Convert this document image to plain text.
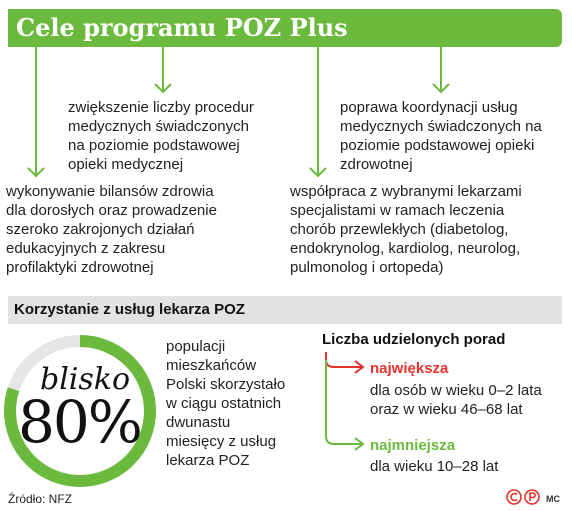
Cele programu POZ Plus
wykonywanie bilansów zdrowia
dla dorosłych oraz prowadzenie
szeroko zakrojonych działań
edukacyjnych z zakresu
profilaktyki zdrowotnej
zwiększenie liczby procedur
medycznych świadczonych
na poziomie podstawowej
opieki medycznej
współpraca z wybranymi lekarzami
specjalistami w ramach leczenia
chorób przewlekłych (diabetolog,
endokrynolog, kardiolog, neurolog,
pulmonolog i ortopeda)
poprawa koordynacji usług
medycznych świadczonych na
poziomie podstawowej opieki
zdrowotnej
Korzystanie z usług lekarza POZ
blisko
80%
populacji
mieszkańców
Polski skorzystało
w ciągu ostatnich
dwunastu
miesięcy z usług
lekarza POZ
Liczba udzielonych porad
największa
dla osób w wieku 0–2 lata
oraz w wieku 46–68 lat
najmniejsza
dla wieku 10–28 lat
Źródło: NFZ	MC
